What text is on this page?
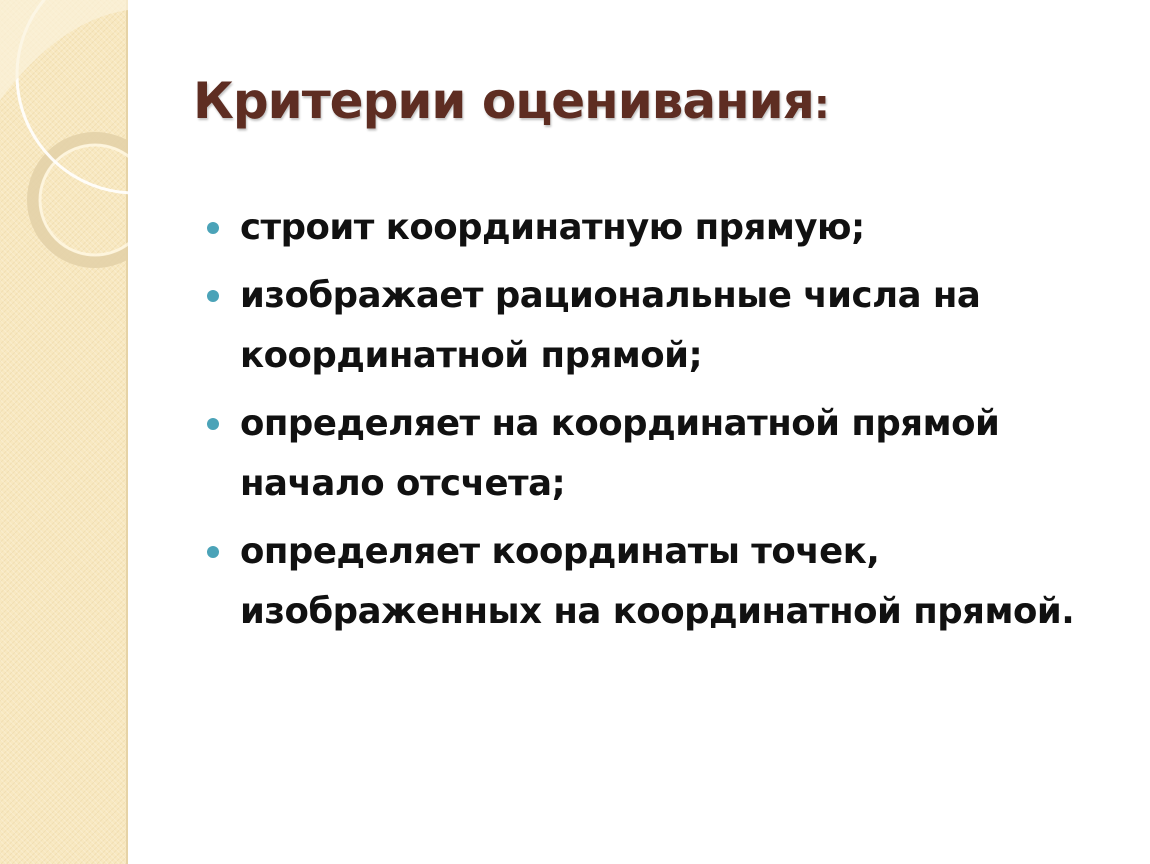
Критерии оценивания:
строит координатную прямую;
изображает рациональные числа на координатной прямой;
определяет на координатной прямой начало отсчета;
определяет координаты точек, изображенных на координатной прямой.
